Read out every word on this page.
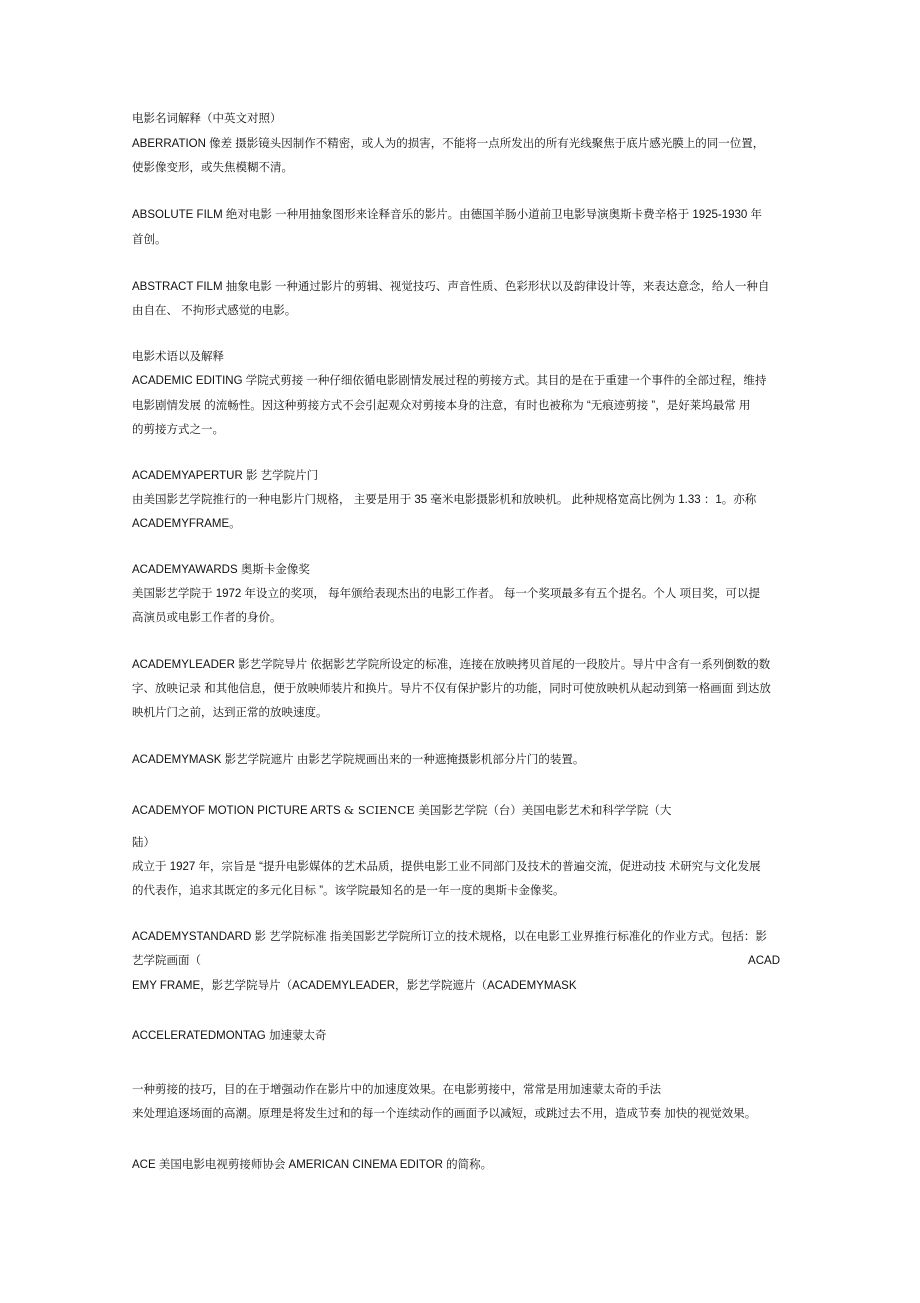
电影名词解释（中英文对照）
ABERRATION 像差 摄影镜头因制作不精密，或人为的损害，不能将一点所发出的所有光线聚焦于底片感光膜上的同一位置，
使影像变形，或失焦模糊不清。
ABSOLUTE FILM 绝对电影 一种用抽象图形来诠释音乐的影片。由德国羊肠小道前卫电影导演奥斯卡费辛格于 1925-1930 年
首创。
ABSTRACT FILM 抽象电影 一种通过影片的剪辑、视觉技巧、声音性质、色彩形状以及韵律设计等，来表达意念，给人一种自
由自在、 不拘形式感觉的电影。
电影术语以及解释
ACADEMIC EDITING 学院式剪接 一种仔细依循电影剧情发展过程的剪接方式。其目的是在于重建一个事件的全部过程，维持
电影剧情发展 的流畅性。因这种剪接方式不会引起观众对剪接本身的注意，有时也被称为 “无痕迹剪接 ”，是好莱坞最常 用
的剪接方式之一。
ACADEMYAPERTUR 影 艺学院片门
由美国影艺学院推行的一种电影片门规格， 主要是用于 35 毫米电影摄影机和放映机。 此种规格宽高比例为 1.33 ：1。亦称
ACADEMYFRAME。
ACADEMYAWARDS 奥斯卡金像奖
美国影艺学院于 1972 年设立的奖项， 每年颁给表现杰出的电影工作者。 每一个奖项最多有五个提名。个人 项目奖，可以提
高演员或电影工作者的身价。
ACADEMYLEADER 影艺学院导片 依据影艺学院所设定的标准，连接在放映拷贝首尾的一段胶片。导片中含有一系列倒数的数
字、放映记录 和其他信息，便于放映师装片和换片。导片不仅有保护影片的功能，同时可使放映机从起动到第一格画面 到达放
映机片门之前，达到正常的放映速度。
ACADEMYMASK 影艺学院遮片 由影艺学院规画出来的一种遮掩摄影机部分片门的装置。
ACADEMYOF MOTION PICTURE ARTS & SCIENCE 美国影艺学院（台）美国电影艺术和科学学院（大
陆）
成立于 1927 年，宗旨是 “提升电影媒体的艺术品质，提供电影工业不同部门及技术的普遍交流，促进动技 术研究与文化发展
的代表作，追求其既定的多元化目标 ”。该学院最知名的是一年一度的奥斯卡金像奖。
ACADEMYSTANDARD 影 艺学院标准 指美国影艺学院所订立的技术规格，以在电影工业界推行标准化的作业方式。包括：影
艺学院画面（	ACAD
EMY FRAME，影艺学院导片（ACADEMYLEADER，影艺学院遮片（ACADEMYMASK
ACCELERATEDMONTAG 加速蒙太奇
一种剪接的技巧，目的在于增强动作在影片中的加速度效果。在电影剪接中，常常是用加速蒙太奇的手法
来处理追逐场面的高潮。原理是将发生过和的每一个连续动作的画面予以减短，或跳过去不用，造成节奏 加快的视觉效果。
ACE 美国电影电视剪接师协会 AMERICAN CINEMA EDITOR 的简称。
